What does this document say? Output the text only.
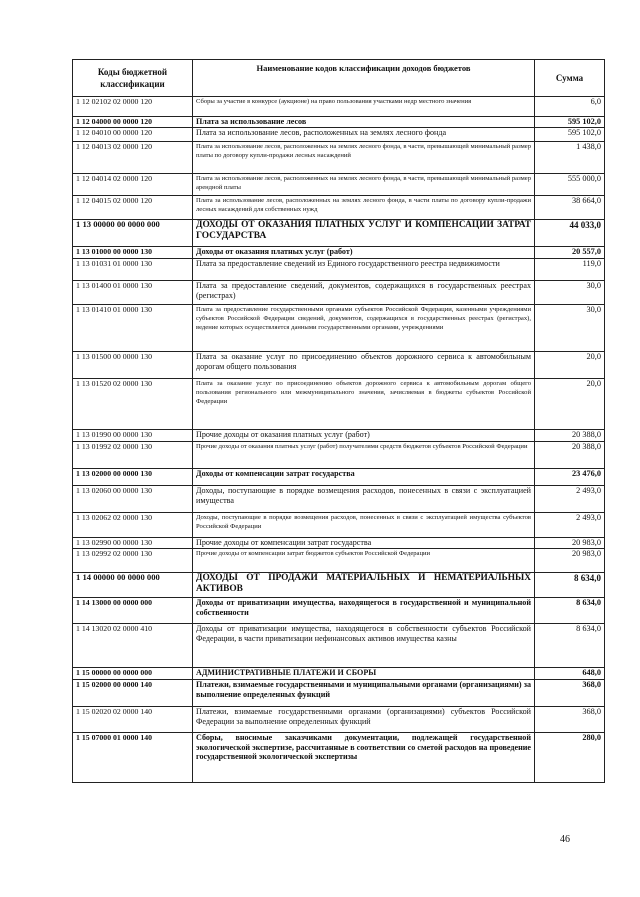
Коды бюджетной классификации	Наименование кодов классификации доходов бюджетов	Сумма
1 12 02102 02 0000 120	Сборы за участие в конкурсе (аукционе) на право пользования участками недр местного значения	6,0
1 12 04000 00 0000 120	Плата за использование лесов	595 102,0
1 12 04010 00 0000 120	Плата за использование лесов, расположенных на землях лесного фонда	595 102,0
1 12 04013 02 0000 120	Плата за использование лесов, расположенных на землях лесного фонда, в части, превышающей минимальный размер платы по договору купли-продажи лесных насаждений	1 438,0
1 12 04014 02 0000 120	Плата за использование лесов, расположенных на землях лесного фонда, в части, превышающей минимальный размер арендной платы	555 000,0
1 12 04015 02 0000 120	Плата за использование лесов, расположенных на землях лесного фонда, в части платы по договору купли-продажи лесных насаждений для собственных нужд	38 664,0
1 13 00000 00 0000 000	ДОХОДЫ ОТ ОКАЗАНИЯ ПЛАТНЫХ УСЛУГ И КОМПЕНСАЦИИ ЗАТРАТ ГОСУДАРСТВА	44 033,0
1 13 01000 00 0000 130	Доходы от оказания платных услуг (работ)	20 557,0
1 13 01031 01 0000 130	Плата за предоставление сведений из Единого государственного реестра недвижимости	119,0
1 13 01400 01 0000 130	Плата за предоставление сведений, документов, содержащихся в государственных реестрах (регистрах)	30,0
1 13 01410 01 0000 130	Плата за предоставление государственными органами субъектов Российской Федерации, казенными учреждениями субъектов Российской Федерации сведений, документов, содержащихся в государственных реестрах (регистрах), ведение которых осуществляется данными государственными органами, учреждениями	30,0
1 13 01500 00 0000 130	Плата за оказание услуг по присоединению объектов дорожного сервиса к автомобильным дорогам общего пользования	20,0
1 13 01520 02 0000 130	Плата за оказание услуг по присоединению объектов дорожного сервиса к автомобильным дорогам общего пользования регионального или межмуниципального значения, зачисляемая в бюджеты субъектов Российской Федерации	20,0
1 13 01990 00 0000 130	Прочие доходы от оказания платных услуг (работ)	20 388,0
1 13 01992 02 0000 130	Прочие доходы от оказания платных услуг (работ) получателями средств бюджетов субъектов Российской Федерации	20 388,0
1 13 02000 00 0000 130	Доходы от компенсации затрат государства	23 476,0
1 13 02060 00 0000 130	Доходы, поступающие в порядке возмещения расходов, понесенных в связи с эксплуатацией имущества	2 493,0
1 13 02062 02 0000 130	Доходы, поступающие в порядке возмещения расходов, понесенных в связи с эксплуатацией имущества субъектов Российской Федерации	2 493,0
1 13 02990 00 0000 130	Прочие доходы от компенсации затрат государства	20 983,0
1 13 02992 02 0000 130	Прочие доходы от компенсации затрат бюджетов субъектов Российской Федерации	20 983,0
1 14 00000 00 0000 000	ДОХОДЫ ОТ ПРОДАЖИ МАТЕРИАЛЬНЫХ И НЕМАТЕРИАЛЬНЫХ АКТИВОВ	8 634,0
1 14 13000 00 0000 000	Доходы от приватизации имущества, находящегося в государственной и муниципальной собственности	8 634,0
1 14 13020 02 0000 410	Доходы от приватизации имущества, находящегося в собственности субъектов Российской Федерации, в части приватизации нефинансовых активов имущества казны	8 634,0
1 15 00000 00 0000 000	АДМИНИСТРАТИВНЫЕ ПЛАТЕЖИ И СБОРЫ	648,0
1 15 02000 00 0000 140	Платежи, взимаемые государственными и муниципальными органами (организациями) за выполнение определенных функций	368,0
1 15 02020 02 0000 140	Платежи, взимаемые государственными органами (организациями) субъектов Российской Федерации за выполнение определенных функций	368,0
1 15 07000 01 0000 140	Сборы, вносимые заказчиками документации, подлежащей государственной экологической экспертизе, рассчитанные в соответствии со сметой расходов на проведение государственной экологической экспертизы	280,0
46
